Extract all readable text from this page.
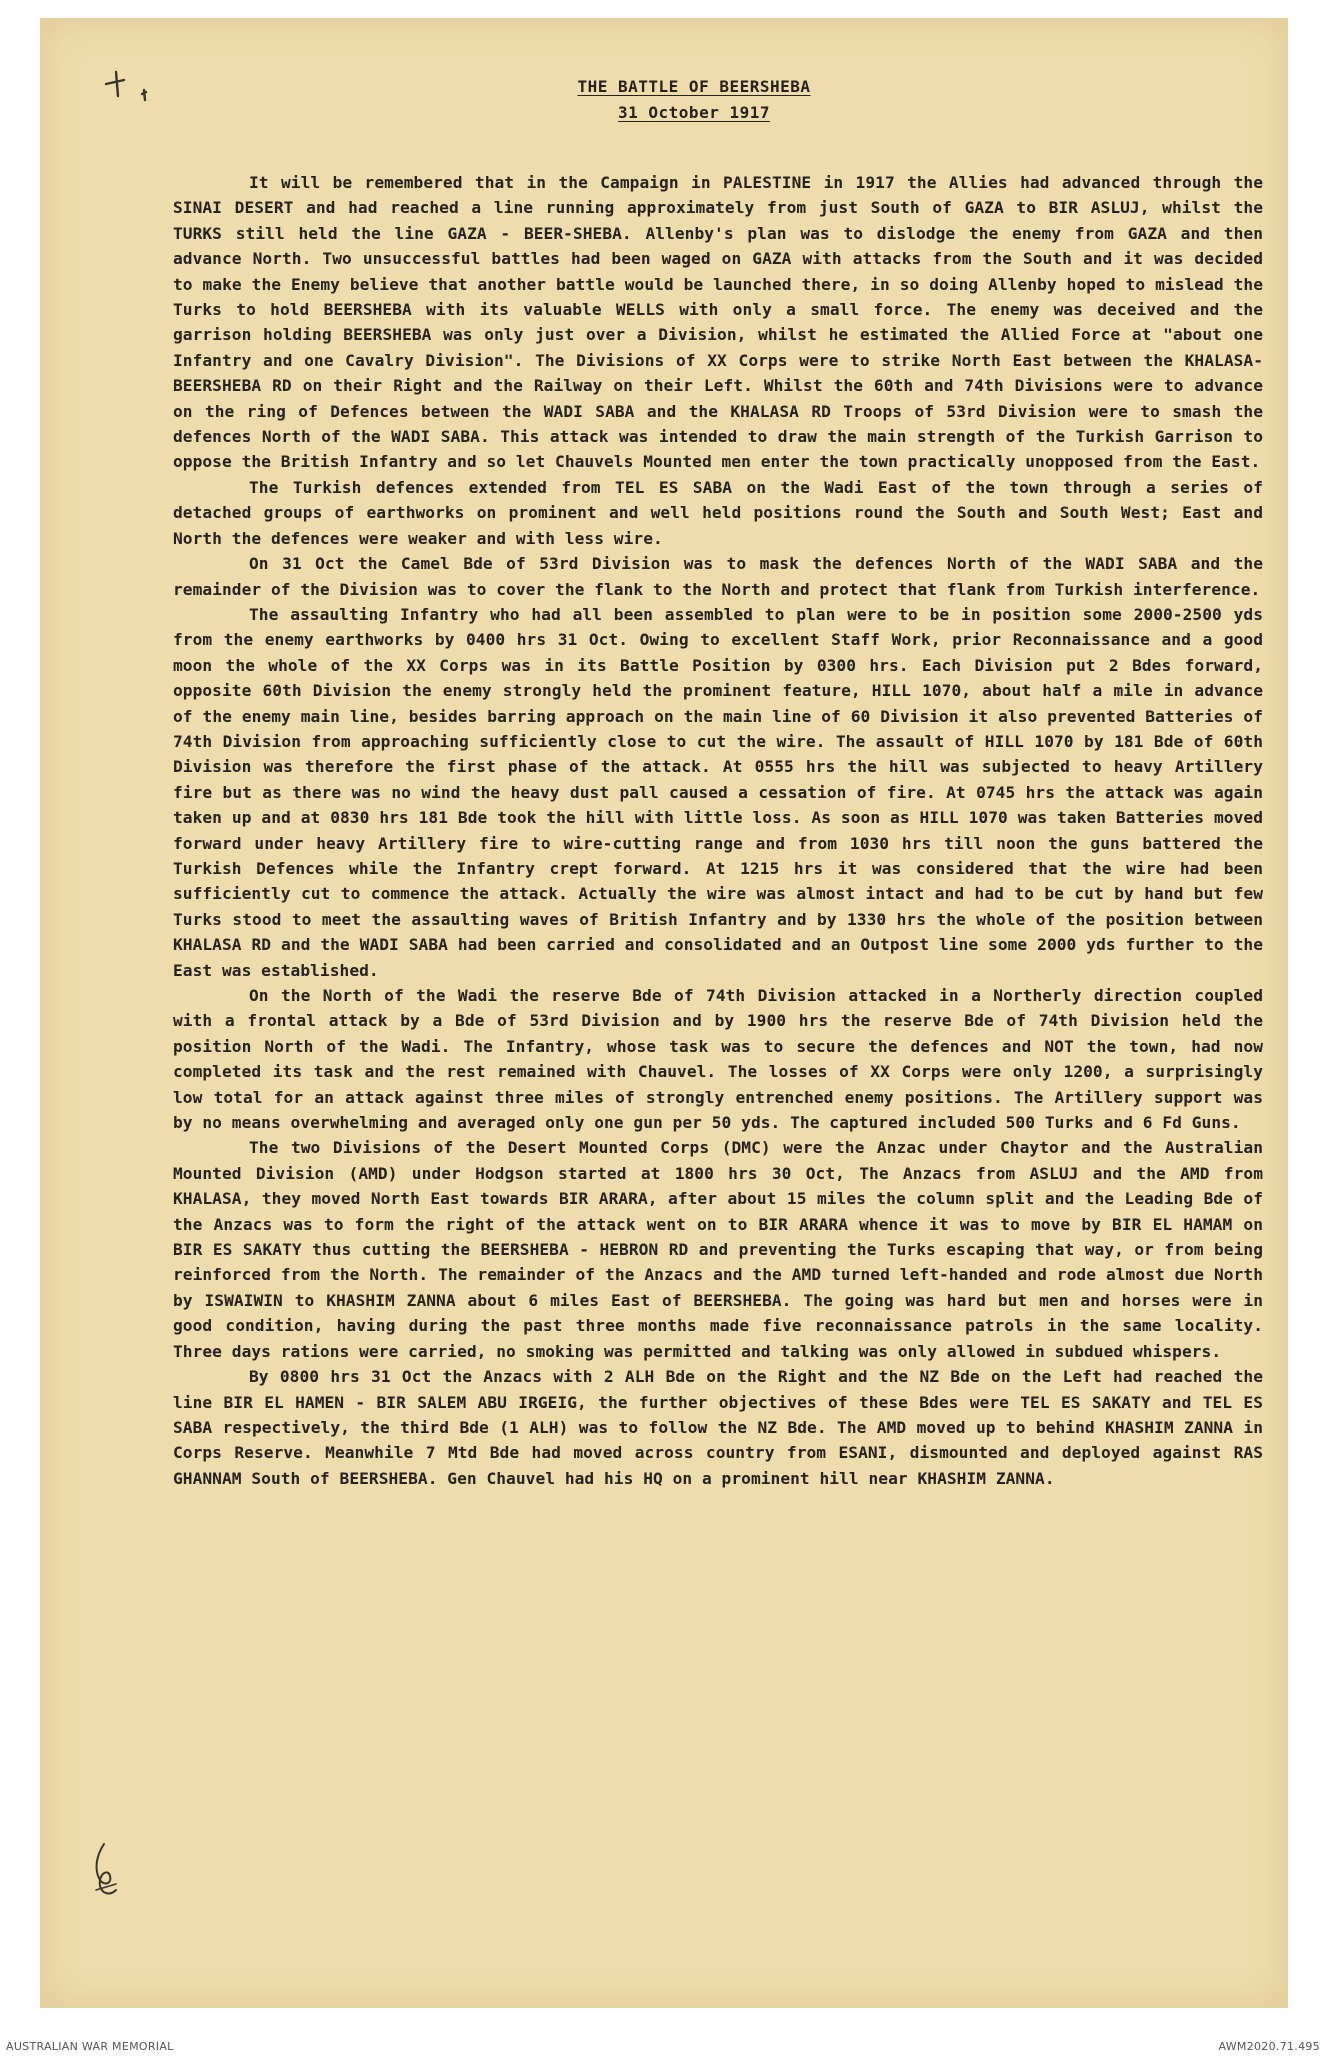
THE BATTLE OF BEERSHEBA
31 October 1917

It will be remembered that in the Campaign in PALESTINE in 1917 the Allies had advanced through the SINAI DESERT and had reached a line running approximately from just South of GAZA to BIR ASLUJ, whilst the TURKS still held the line GAZA - BEER-SHEBA. Allenby's plan was to dislodge the enemy from GAZA and then advance North. Two unsuccessful battles had been waged on GAZA with attacks from the South and it was decided to make the Enemy believe that another battle would be launched there, in so doing Allenby hoped to mislead the Turks to hold BEERSHEBA with its valuable WELLS with only a small force. The enemy was deceived and the garrison holding BEERSHEBA was only just over a Division, whilst he estimated the Allied Force at "about one Infantry and one Cavalry Division". The Divisions of XX Corps were to strike North East between the KHALASA-BEERSHEBA RD on their Right and the Railway on their Left. Whilst the 60th and 74th Divisions were to advance on the ring of Defences between the WADI SABA and the KHALASA RD Troops of 53rd Division were to smash the defences North of the WADI SABA. This attack was intended to draw the main strength of the Turkish Garrison to oppose the British Infantry and so let Chauvels Mounted men enter the town practically unopposed from the East.

The Turkish defences extended from TEL ES SABA on the Wadi East of the town through a series of detached groups of earthworks on prominent and well held positions round the South and South West; East and North the defences were weaker and with less wire.

On 31 Oct the Camel Bde of 53rd Division was to mask the defences North of the WADI SABA and the remainder of the Division was to cover the flank to the North and protect that flank from Turkish interference.

The assaulting Infantry who had all been assembled to plan were to be in position some 2000-2500 yds from the enemy earthworks by 0400 hrs 31 Oct. Owing to excellent Staff Work, prior Reconnaissance and a good moon the whole of the XX Corps was in its Battle Position by 0300 hrs. Each Division put 2 Bdes forward, opposite 60th Division the enemy strongly held the prominent feature, HILL 1070, about half a mile in advance of the enemy main line, besides barring approach on the main line of 60 Division it also prevented Batteries of 74th Division from approaching sufficiently close to cut the wire. The assault of HILL 1070 by 181 Bde of 60th Division was therefore the first phase of the attack. At 0555 hrs the hill was subjected to heavy Artillery fire but as there was no wind the heavy dust pall caused a cessation of fire. At 0745 hrs the attack was again taken up and at 0830 hrs 181 Bde took the hill with little loss. As soon as HILL 1070 was taken Batteries moved forward under heavy Artillery fire to wire-cutting range and from 1030 hrs till noon the guns battered the Turkish Defences while the Infantry crept forward. At 1215 hrs it was considered that the wire had been sufficiently cut to commence the attack. Actually the wire was almost intact and had to be cut by hand but few Turks stood to meet the assaulting waves of British Infantry and by 1330 hrs the whole of the position between KHALASA RD and the WADI SABA had been carried and consolidated and an Outpost line some 2000 yds further to the East was established.

On the North of the Wadi the reserve Bde of 74th Division attacked in a Northerly direction coupled with a frontal attack by a Bde of 53rd Division and by 1900 hrs the reserve Bde of 74th Division held the position North of the Wadi. The Infantry, whose task was to secure the defences and NOT the town, had now completed its task and the rest remained with Chauvel. The losses of XX Corps were only 1200, a surprisingly low total for an attack against three miles of strongly entrenched enemy positions. The Artillery support was by no means overwhelming and averaged only one gun per 50 yds. The captured included 500 Turks and 6 Fd Guns.

The two Divisions of the Desert Mounted Corps (DMC) were the Anzac under Chaytor and the Australian Mounted Division (AMD) under Hodgson started at 1800 hrs 30 Oct, The Anzacs from ASLUJ and the AMD from KHALASA, they moved North East towards BIR ARARA, after about 15 miles the column split and the Leading Bde of the Anzacs was to form the right of the attack went on to BIR ARARA whence it was to move by BIR EL HAMAM on BIR ES SAKATY thus cutting the BEERSHEBA - HEBRON RD and preventing the Turks escaping that way, or from being reinforced from the North. The remainder of the Anzacs and the AMD turned left-handed and rode almost due North by ISWAIWIN to KHASHIM ZANNA about 6 miles East of BEERSHEBA. The going was hard but men and horses were in good condition, having during the past three months made five reconnaissance patrols in the same locality. Three days rations were carried, no smoking was permitted and talking was only allowed in subdued whispers.

By 0800 hrs 31 Oct the Anzacs with 2 ALH Bde on the Right and the NZ Bde on the Left had reached the line BIR EL HAMEN - BIR SALEM ABU IRGEIG, the further objectives of these Bdes were TEL ES SAKATY and TEL ES SABA respectively, the third Bde (1 ALH) was to follow the NZ Bde. The AMD moved up to behind KHASHIM ZANNA in Corps Reserve. Meanwhile 7 Mtd Bde had moved across country from ESANI, dismounted and deployed against RAS GHANNAM South of BEERSHEBA. Gen Chauvel had his HQ on a prominent hill near KHASHIM ZANNA.

AUSTRALIAN WAR MEMORIAL	AWM2020.71.495
